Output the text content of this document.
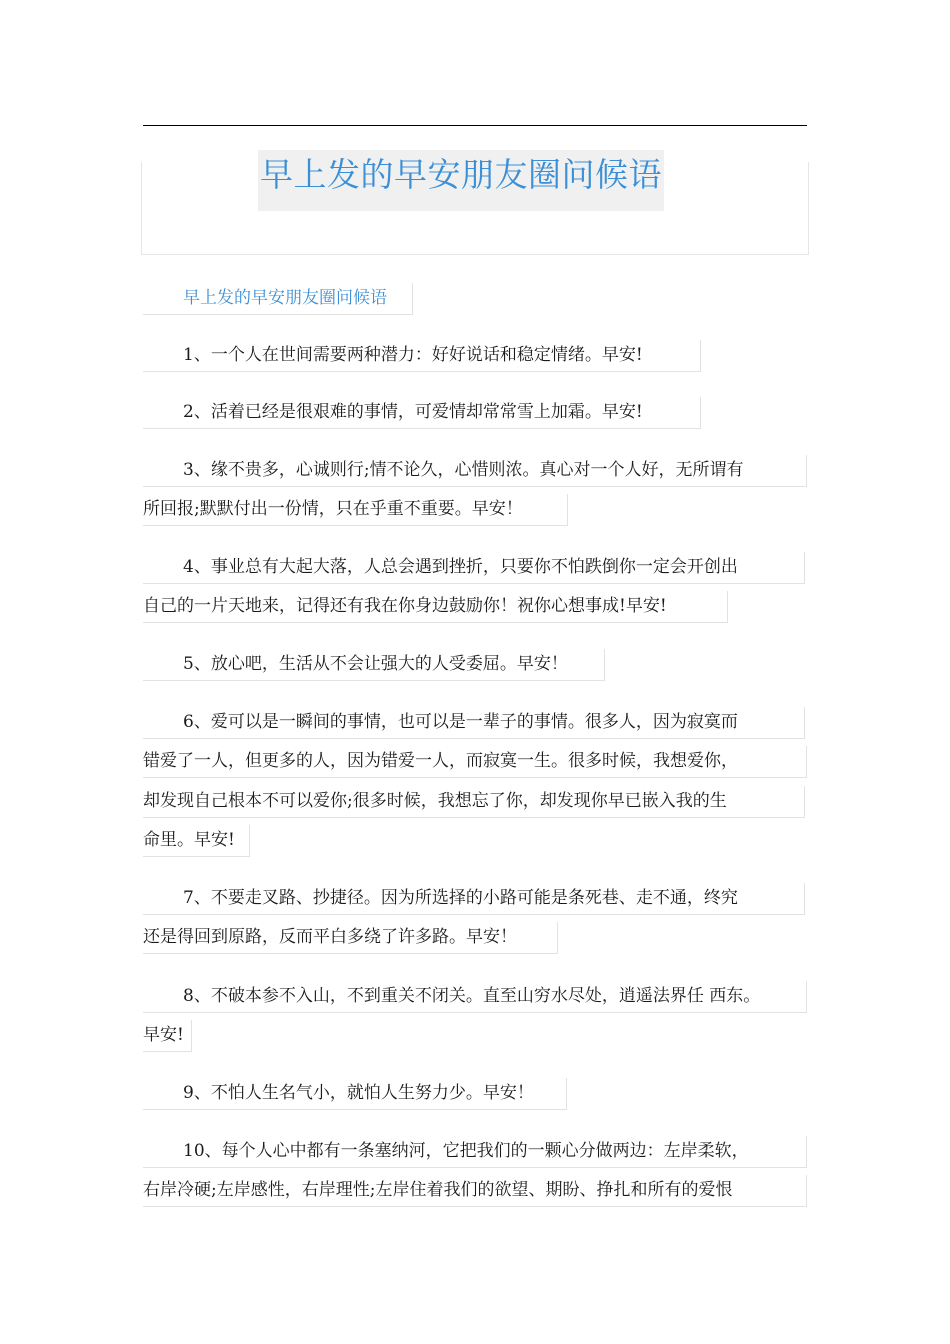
早上发的早安朋友圈问候语
早上发的早安朋友圈问候语
1、一个人在世间需要两种潜力：好好说话和稳定情绪。早安!
2、活着已经是很艰难的事情，可爱情却常常雪上加霜。早安!
3、缘不贵多，心诚则行;情不论久，心惜则浓。真心对一个人好，无所谓有
所回报;默默付出一份情，只在乎重不重要。早安！
4、事业总有大起大落，人总会遇到挫折，只要你不怕跌倒你一定会开创出
自己的一片天地来，记得还有我在你身边鼓励你！祝你心想事成!早安!
5、放心吧，生活从不会让强大的人受委屈。早安！
6、爱可以是一瞬间的事情，也可以是一辈子的事情。很多人，因为寂寞而
错爱了一人，但更多的人，因为错爱一人，而寂寞一生。很多时候，我想爱你，
却发现自己根本不可以爱你;很多时候，我想忘了你，却发现你早已嵌入我的生
命里。早安!
7、不要走叉路、抄捷径。因为所选择的小路可能是条死巷、走不通，终究
还是得回到原路，反而平白多绕了许多路。早安！
8、不破本参不入山，不到重关不闭关。直至山穷水尽处，逍遥法界任 西东。
早安!
9、不怕人生名气小，就怕人生努力少。早安！
10、每个人心中都有一条塞纳河，它把我们的一颗心分做两边：左岸柔软，
右岸冷硬;左岸感性，右岸理性;左岸住着我们的欲望、期盼、挣扎和所有的爱恨
